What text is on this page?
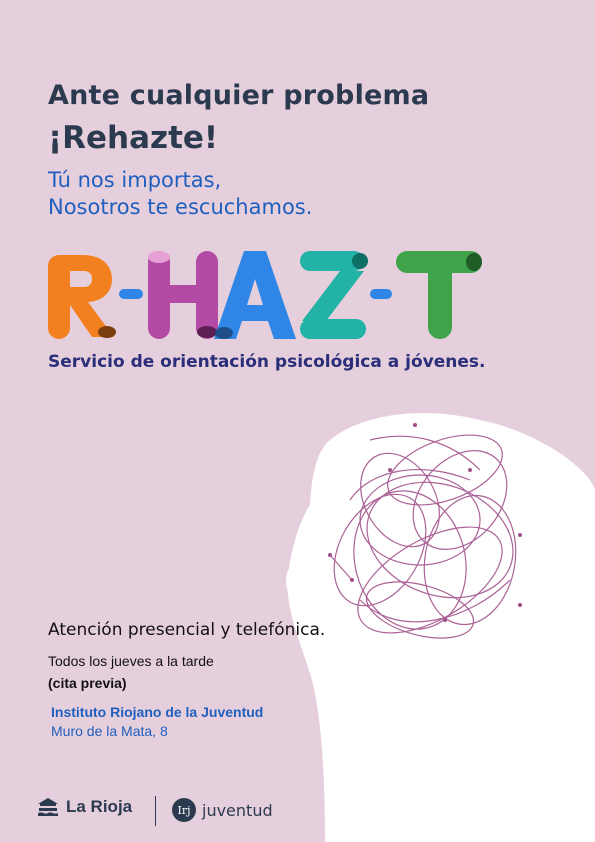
Ante cualquier problema
¡Rehazte!
Tú nos importas,
Nosotros te escuchamos.
Servicio de orientación psicológica a jóvenes.
Atención presencial y telefónica.
Todos los jueves a la tarde
(cita previa)
Instituto Riojano de la Juventud
Muro de la Mata, 8
La Rioja	Irj juventud	www.irj.es
